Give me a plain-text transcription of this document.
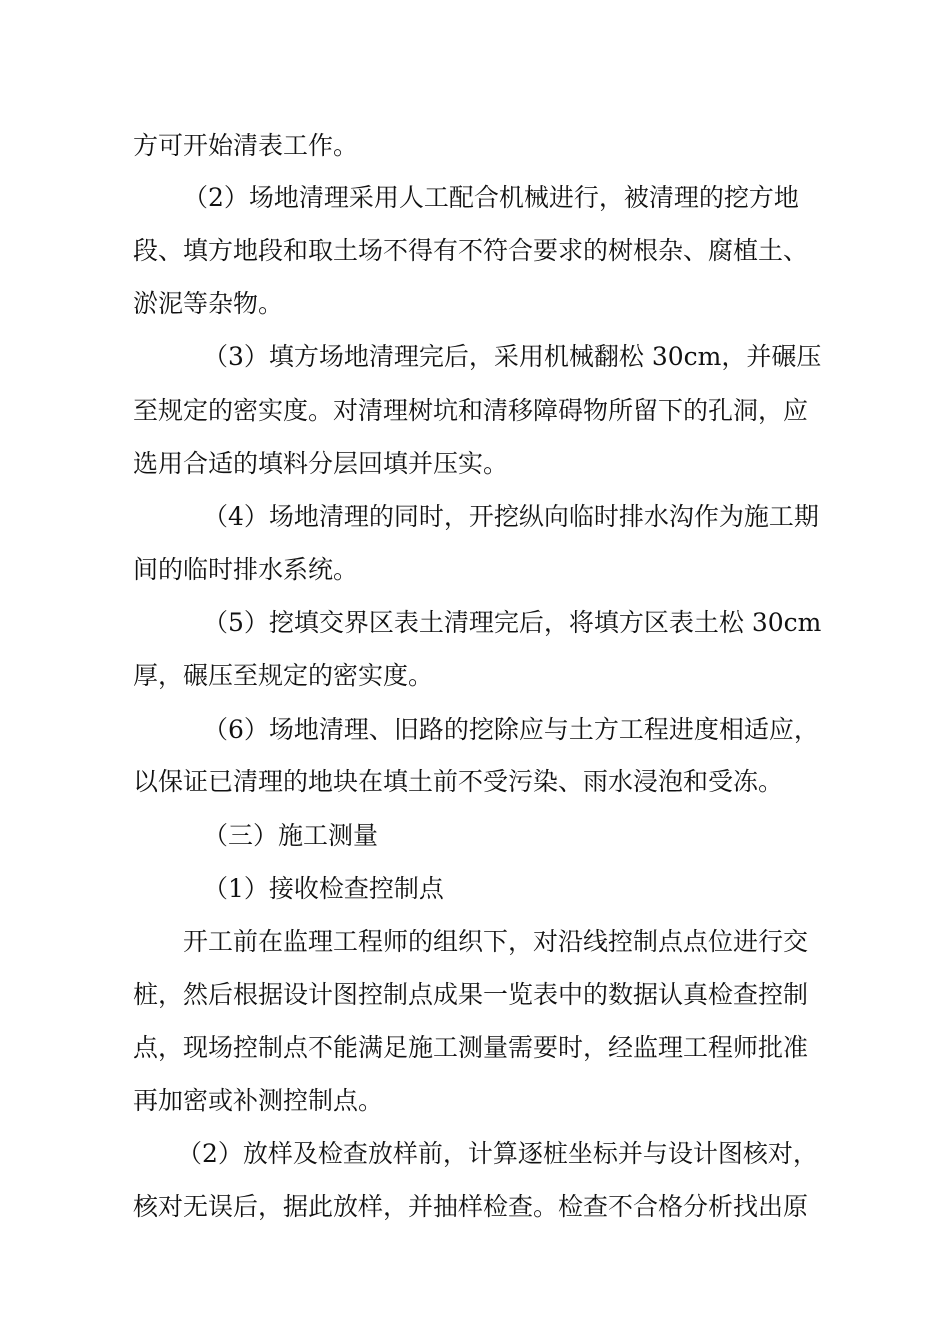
方可开始清表工作。
（2）场地清理采用人工配合机械进行，被清理的挖方地
段、填方地段和取土场不得有不符合要求的树根杂、腐植土、
淤泥等杂物。
（3）填方场地清理完后，采用机械翻松 30cm，并碾压
至规定的密实度。对清理树坑和清移障碍物所留下的孔洞，应
选用合适的填料分层回填并压实。
（4）场地清理的同时，开挖纵向临时排水沟作为施工期
间的临时排水系统。
（5）挖填交界区表土清理完后，将填方区表土松 30cm
厚，碾压至规定的密实度。
（6）场地清理、旧路的挖除应与土方工程进度相适应，
以保证已清理的地块在填土前不受污染、雨水浸泡和受冻。
（三）施工测量
（1）接收检查控制点
开工前在监理工程师的组织下，对沿线控制点点位进行交
桩，然后根据设计图控制点成果一览表中的数据认真检查控制
点，现场控制点不能满足施工测量需要时，经监理工程师批准
再加密或补测控制点。
（2）放样及检查放样前，计算逐桩坐标并与设计图核对，
核对无误后，据此放样，并抽样检查。检查不合格分析找出原
